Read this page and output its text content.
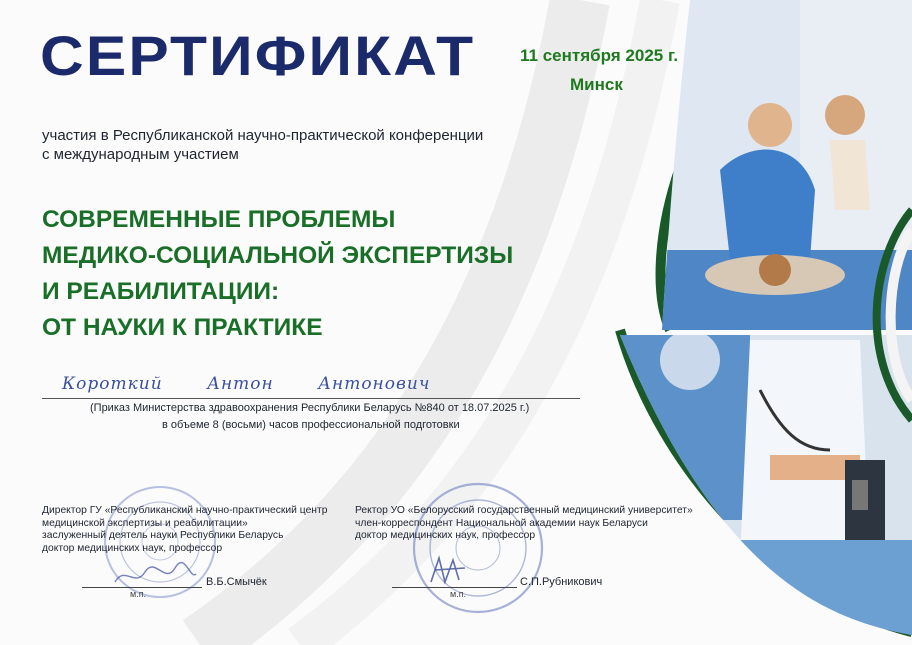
СЕРТИФИКАТ	11 сентября 2025 г.
Минск
участия в Республиканской научно-практической конференции
с международным участием
СОВРЕМЕННЫЕ ПРОБЛЕМЫ
МЕДИКО-СОЦИАЛЬНОЙ ЭКСПЕРТИЗЫ
И РЕАБИЛИТАЦИИ:
ОТ НАУКИ К ПРАКТИКЕ
Короткий	Антон	Антонович
(Приказ Министерства здравоохранения Республики Беларусь №840 от 18.07.2025 г.)
в объеме 8 (восьми) часов профессиональной подготовки
Директор ГУ «Республиканский научно-практический центр
медицинской экспертизы и реабилитации»
заслуженный деятель науки Республики Беларусь
доктор медицинских наук, профессор
м.п.
В.Б.Смычёк
Ректор УО «Белорусский государственный медицинский университет»
член-корреспондент Национальной академии наук Беларуси
доктор медицинских наук, профессор
м.п.
С.П.Рубникович
